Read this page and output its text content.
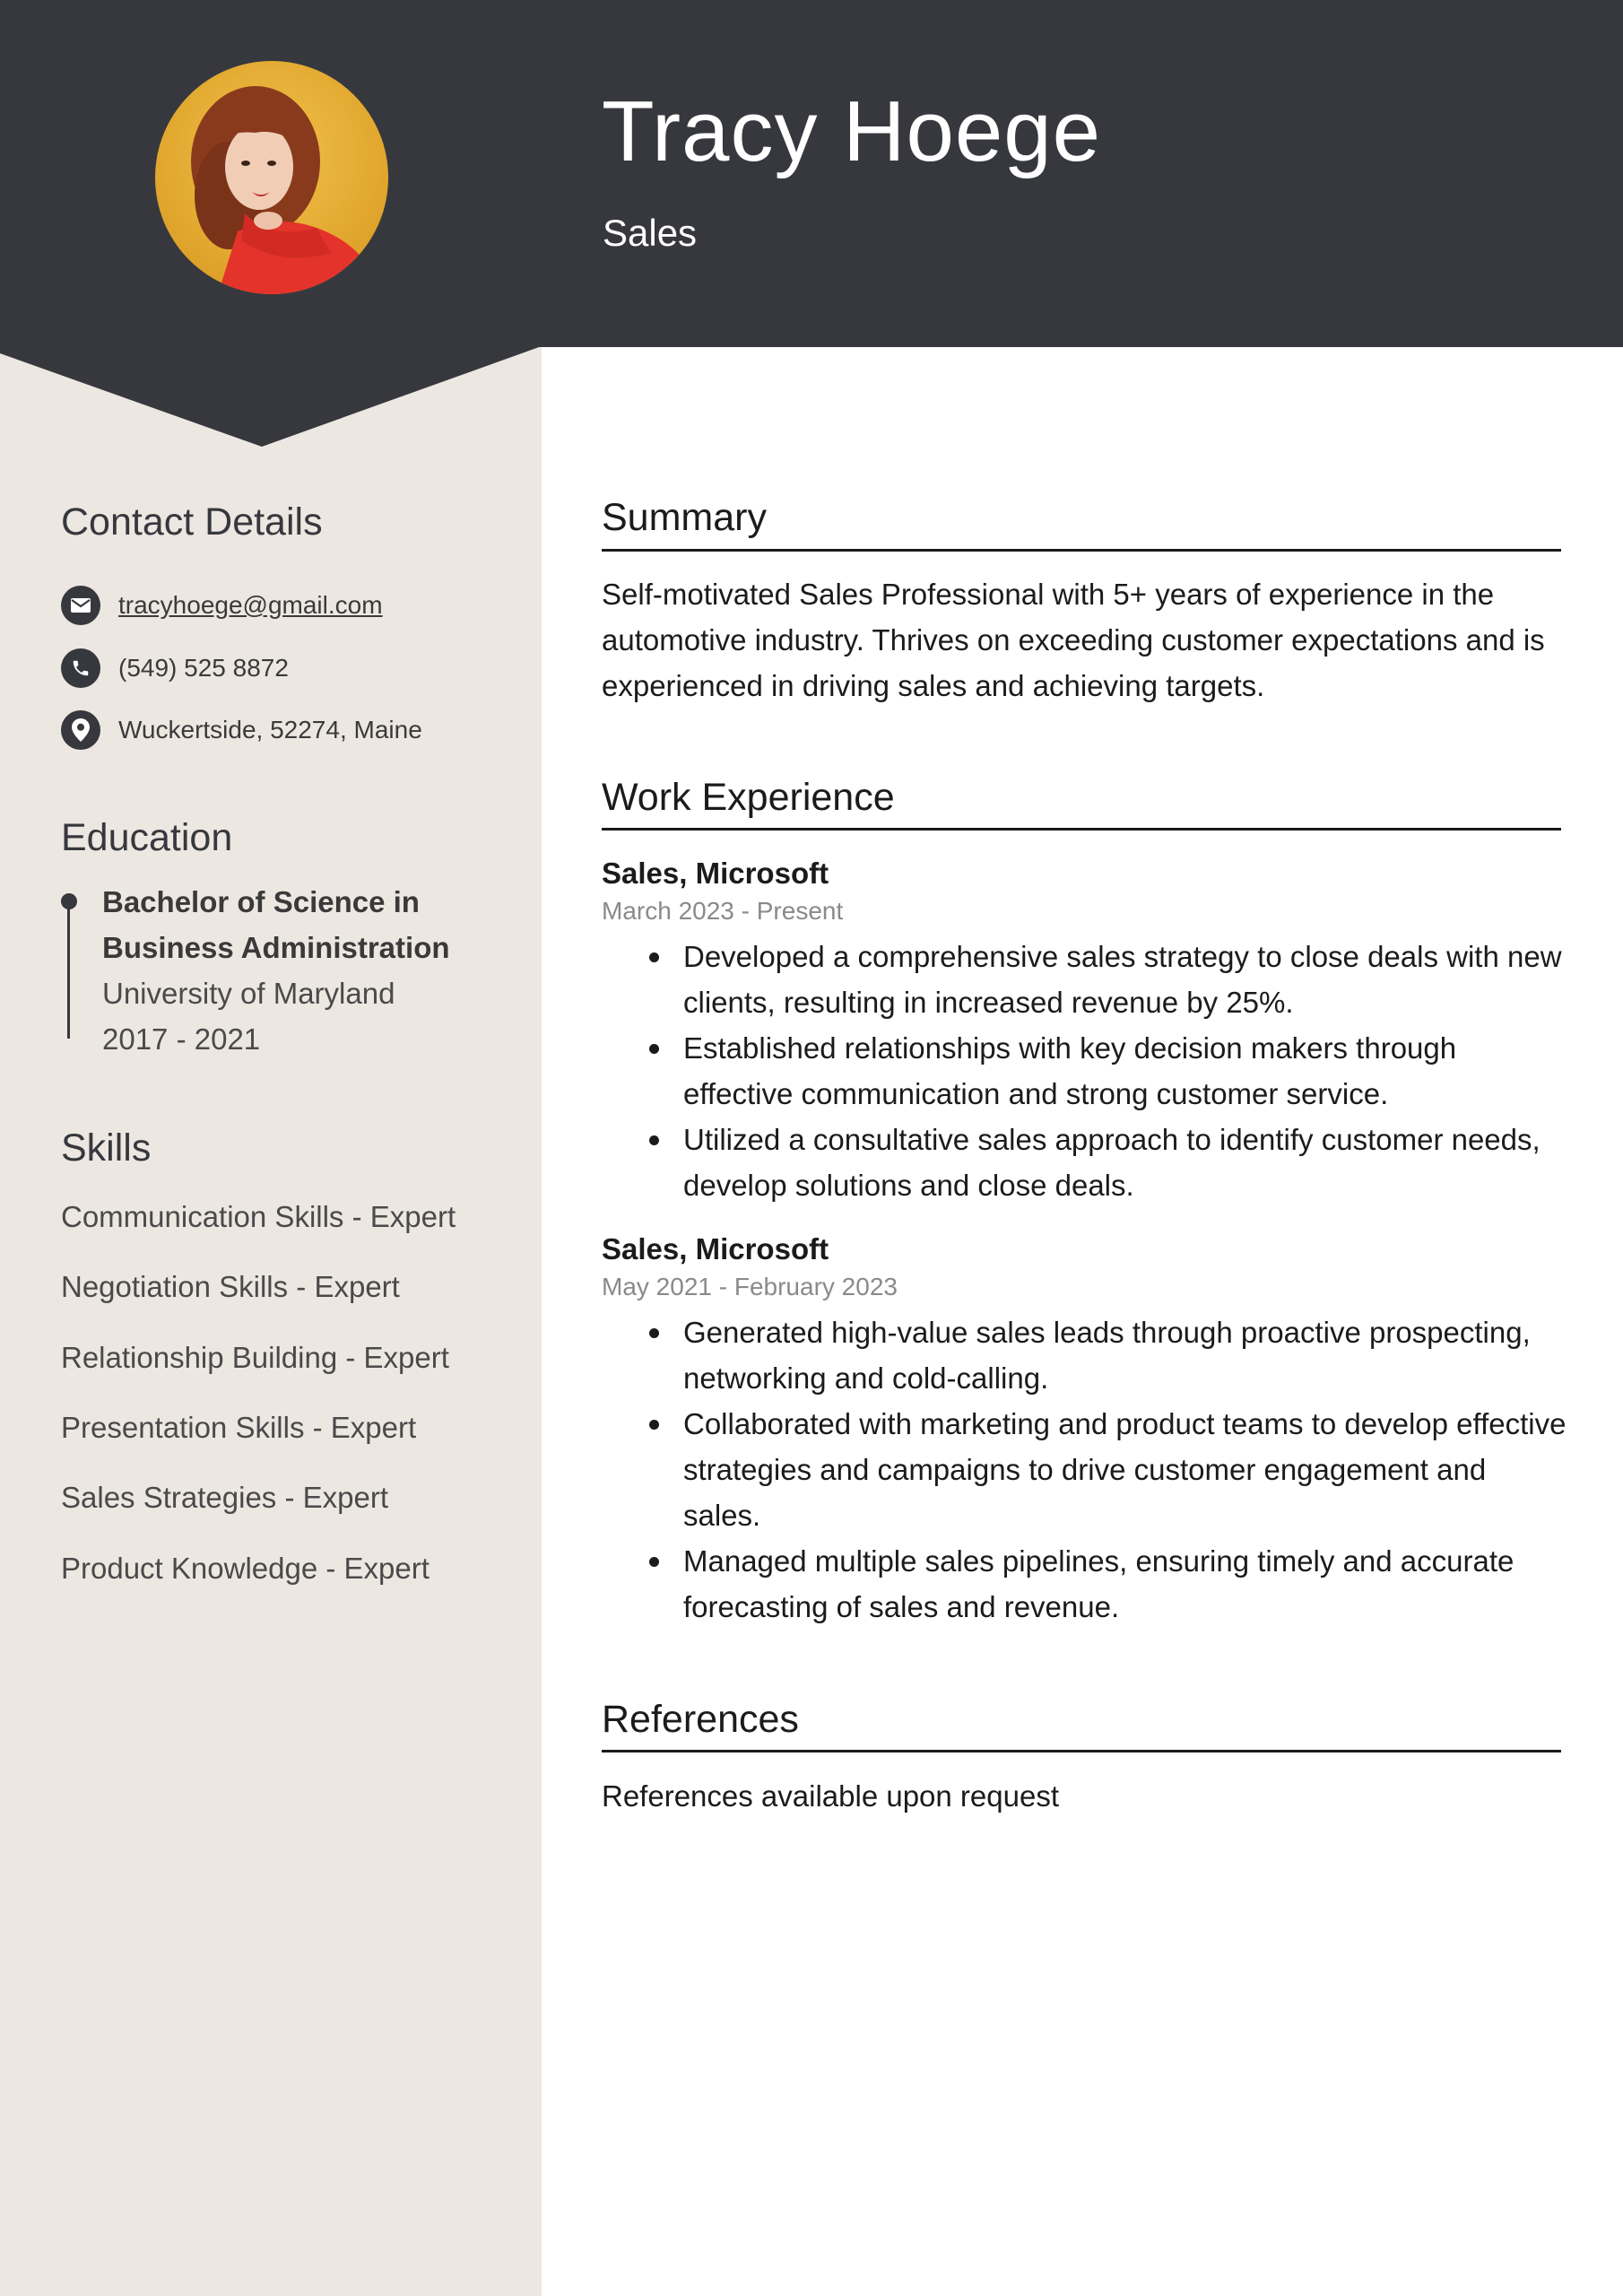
Tracy Hoege
Sales
Contact Details
tracyhoege@gmail.com
(549) 525 8872
Wuckertside, 52274, Maine
Education
Bachelor of Science in
Business Administration
University of Maryland
2017 - 2021
Skills
Communication Skills - Expert
Negotiation Skills - Expert
Relationship Building - Expert
Presentation Skills - Expert
Sales Strategies - Expert
Product Knowledge - Expert
Summary
Self-motivated Sales Professional with 5+ years of experience in the automotive industry. Thrives on exceeding customer expectations and is experienced in driving sales and achieving targets.
Work Experience
Sales, Microsoft
March 2023 - Present
Developed a comprehensive sales strategy to close deals with new clients, resulting in increased revenue by 25%.
Established relationships with key decision makers through effective communication and strong customer service.
Utilized a consultative sales approach to identify customer needs, develop solutions and close deals.
Sales, Microsoft
May 2021 - February 2023
Generated high-value sales leads through proactive prospecting, networking and cold-calling.
Collaborated with marketing and product teams to develop effective strategies and campaigns to drive customer engagement and sales.
Managed multiple sales pipelines, ensuring timely and accurate forecasting of sales and revenue.
References
References available upon request
